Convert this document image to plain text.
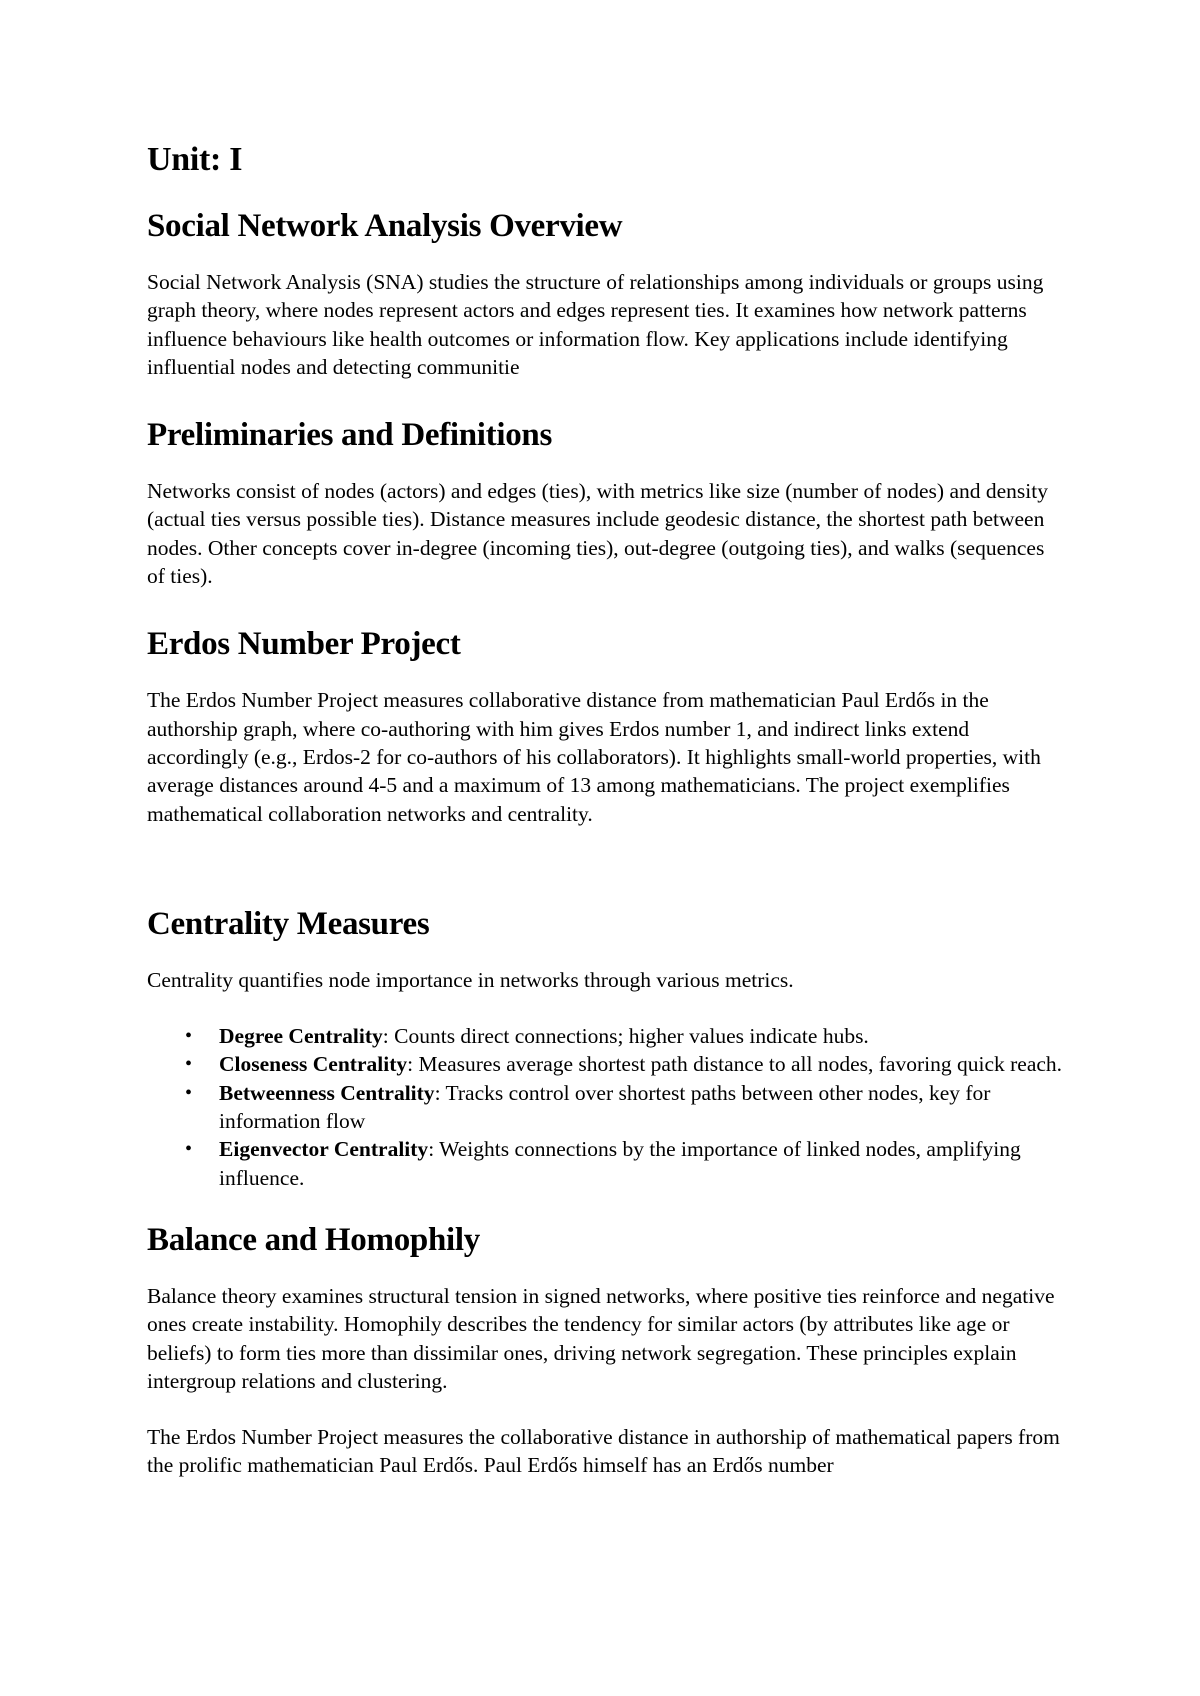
Unit: I
Social Network Analysis Overview

Social Network Analysis (SNA) studies the structure of relationships among individuals or groups using graph theory, where nodes represent actors and edges represent ties. It examines how network patterns influence behaviours like health outcomes or information flow. Key applications include identifying influential nodes and detecting communitie

Preliminaries and Definitions

Networks consist of nodes (actors) and edges (ties), with metrics like size (number of nodes) and density (actual ties versus possible ties). Distance measures include geodesic distance, the shortest path between nodes. Other concepts cover in-degree (incoming ties), out-degree (outgoing ties), and walks (sequences of ties).

Erdos Number Project

The Erdos Number Project measures collaborative distance from mathematician Paul Erdős in the authorship graph, where co-authoring with him gives Erdos number 1, and indirect links extend accordingly (e.g., Erdos-2 for co-authors of his collaborators). It highlights small-world properties, with average distances around 4-5 and a maximum of 13 among mathematicians. The project exemplifies mathematical collaboration networks and centrality.

Centrality Measures

Centrality quantifies node importance in networks through various metrics.

• Degree Centrality: Counts direct connections; higher values indicate hubs.
• Closeness Centrality: Measures average shortest path distance to all nodes, favoring quick reach.
• Betweenness Centrality: Tracks control over shortest paths between other nodes, key for information flow
• Eigenvector Centrality: Weights connections by the importance of linked nodes, amplifying influence.
Balance and Homophily

Balance theory examines structural tension in signed networks, where positive ties reinforce and negative ones create instability. Homophily describes the tendency for similar actors (by attributes like age or beliefs) to form ties more than dissimilar ones, driving network segregation. These principles explain intergroup relations and clustering.

The Erdos Number Project measures the collaborative distance in authorship of mathematical papers from the prolific mathematician Paul Erdős. Paul Erdős himself has an Erdős number
